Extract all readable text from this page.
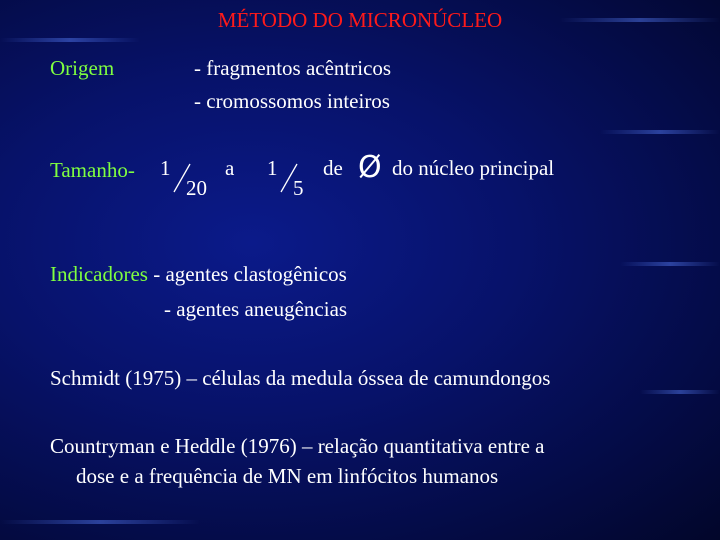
MÉTODO DO MICRONÚCLEO
Origem	- fragmentos acêntricos
- cromossomos inteiros
Tamanho- 1
20
a 1
5
de Ø do núcleo principal
Indicadores - agentes clastogênicos
- agentes aneugências
Schmidt (1975) – células da medula óssea de camundongos
Countryman e Heddle (1976) – relação quantitativa entre a
dose e a frequência de MN em linfócitos humanos
